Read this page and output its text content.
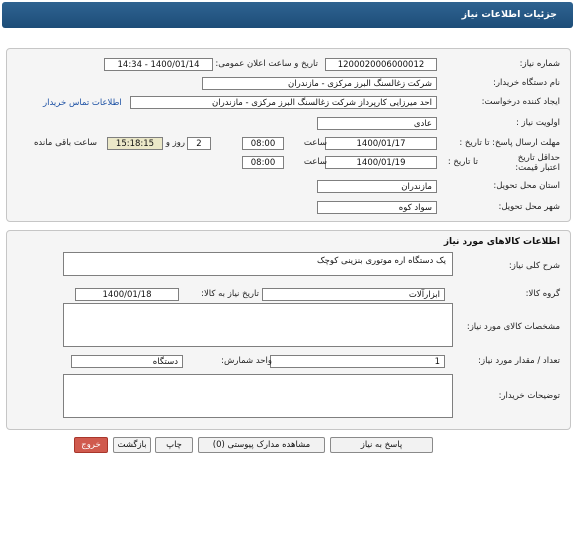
جزئیات اطلاعات نیاز
شماره نیاز:
1200020006000012
تاریخ و ساعت اعلان عمومی:
1400/01/14 - 14:34
نام دستگاه خریدار:
شرکت زغالسنگ البرز مرکزی - مازندران
ایجاد کننده درخواست:
احد میرزایی کارپرداز شرکت زغالسنگ البرز مرکزی - مازندران
اطلاعات تماس خریدار
اولویت نیاز :
عادی
مهلت ارسال پاسخ: تا تاریخ :
1400/01/17
ساعت
08:00
2
روز و
15:18:15
ساعت باقی مانده
حداقل تاریخ اعتبار قیمت:
تا تاریخ :
1400/01/19
ساعت
08:00
استان محل تحویل:
مازندران
شهر محل تحویل:
سواد کوه
اطلاعات کالاهای مورد نیاز
شرح کلی نیاز:
یک دستگاه اره موتوری بنزینی کوچک
گروه کالا:
ابزارآلات
تاریخ نیاز به کالا:
1400/01/18
مشخصات کالای مورد نیاز:
تعداد / مقدار مورد نیاز:
1
واحد شمارش:
دستگاه
توضیحات خریدار:
پاسخ به نیاز
مشاهده مدارک پیوستی (0)
چاپ
بازگشت
خروج
